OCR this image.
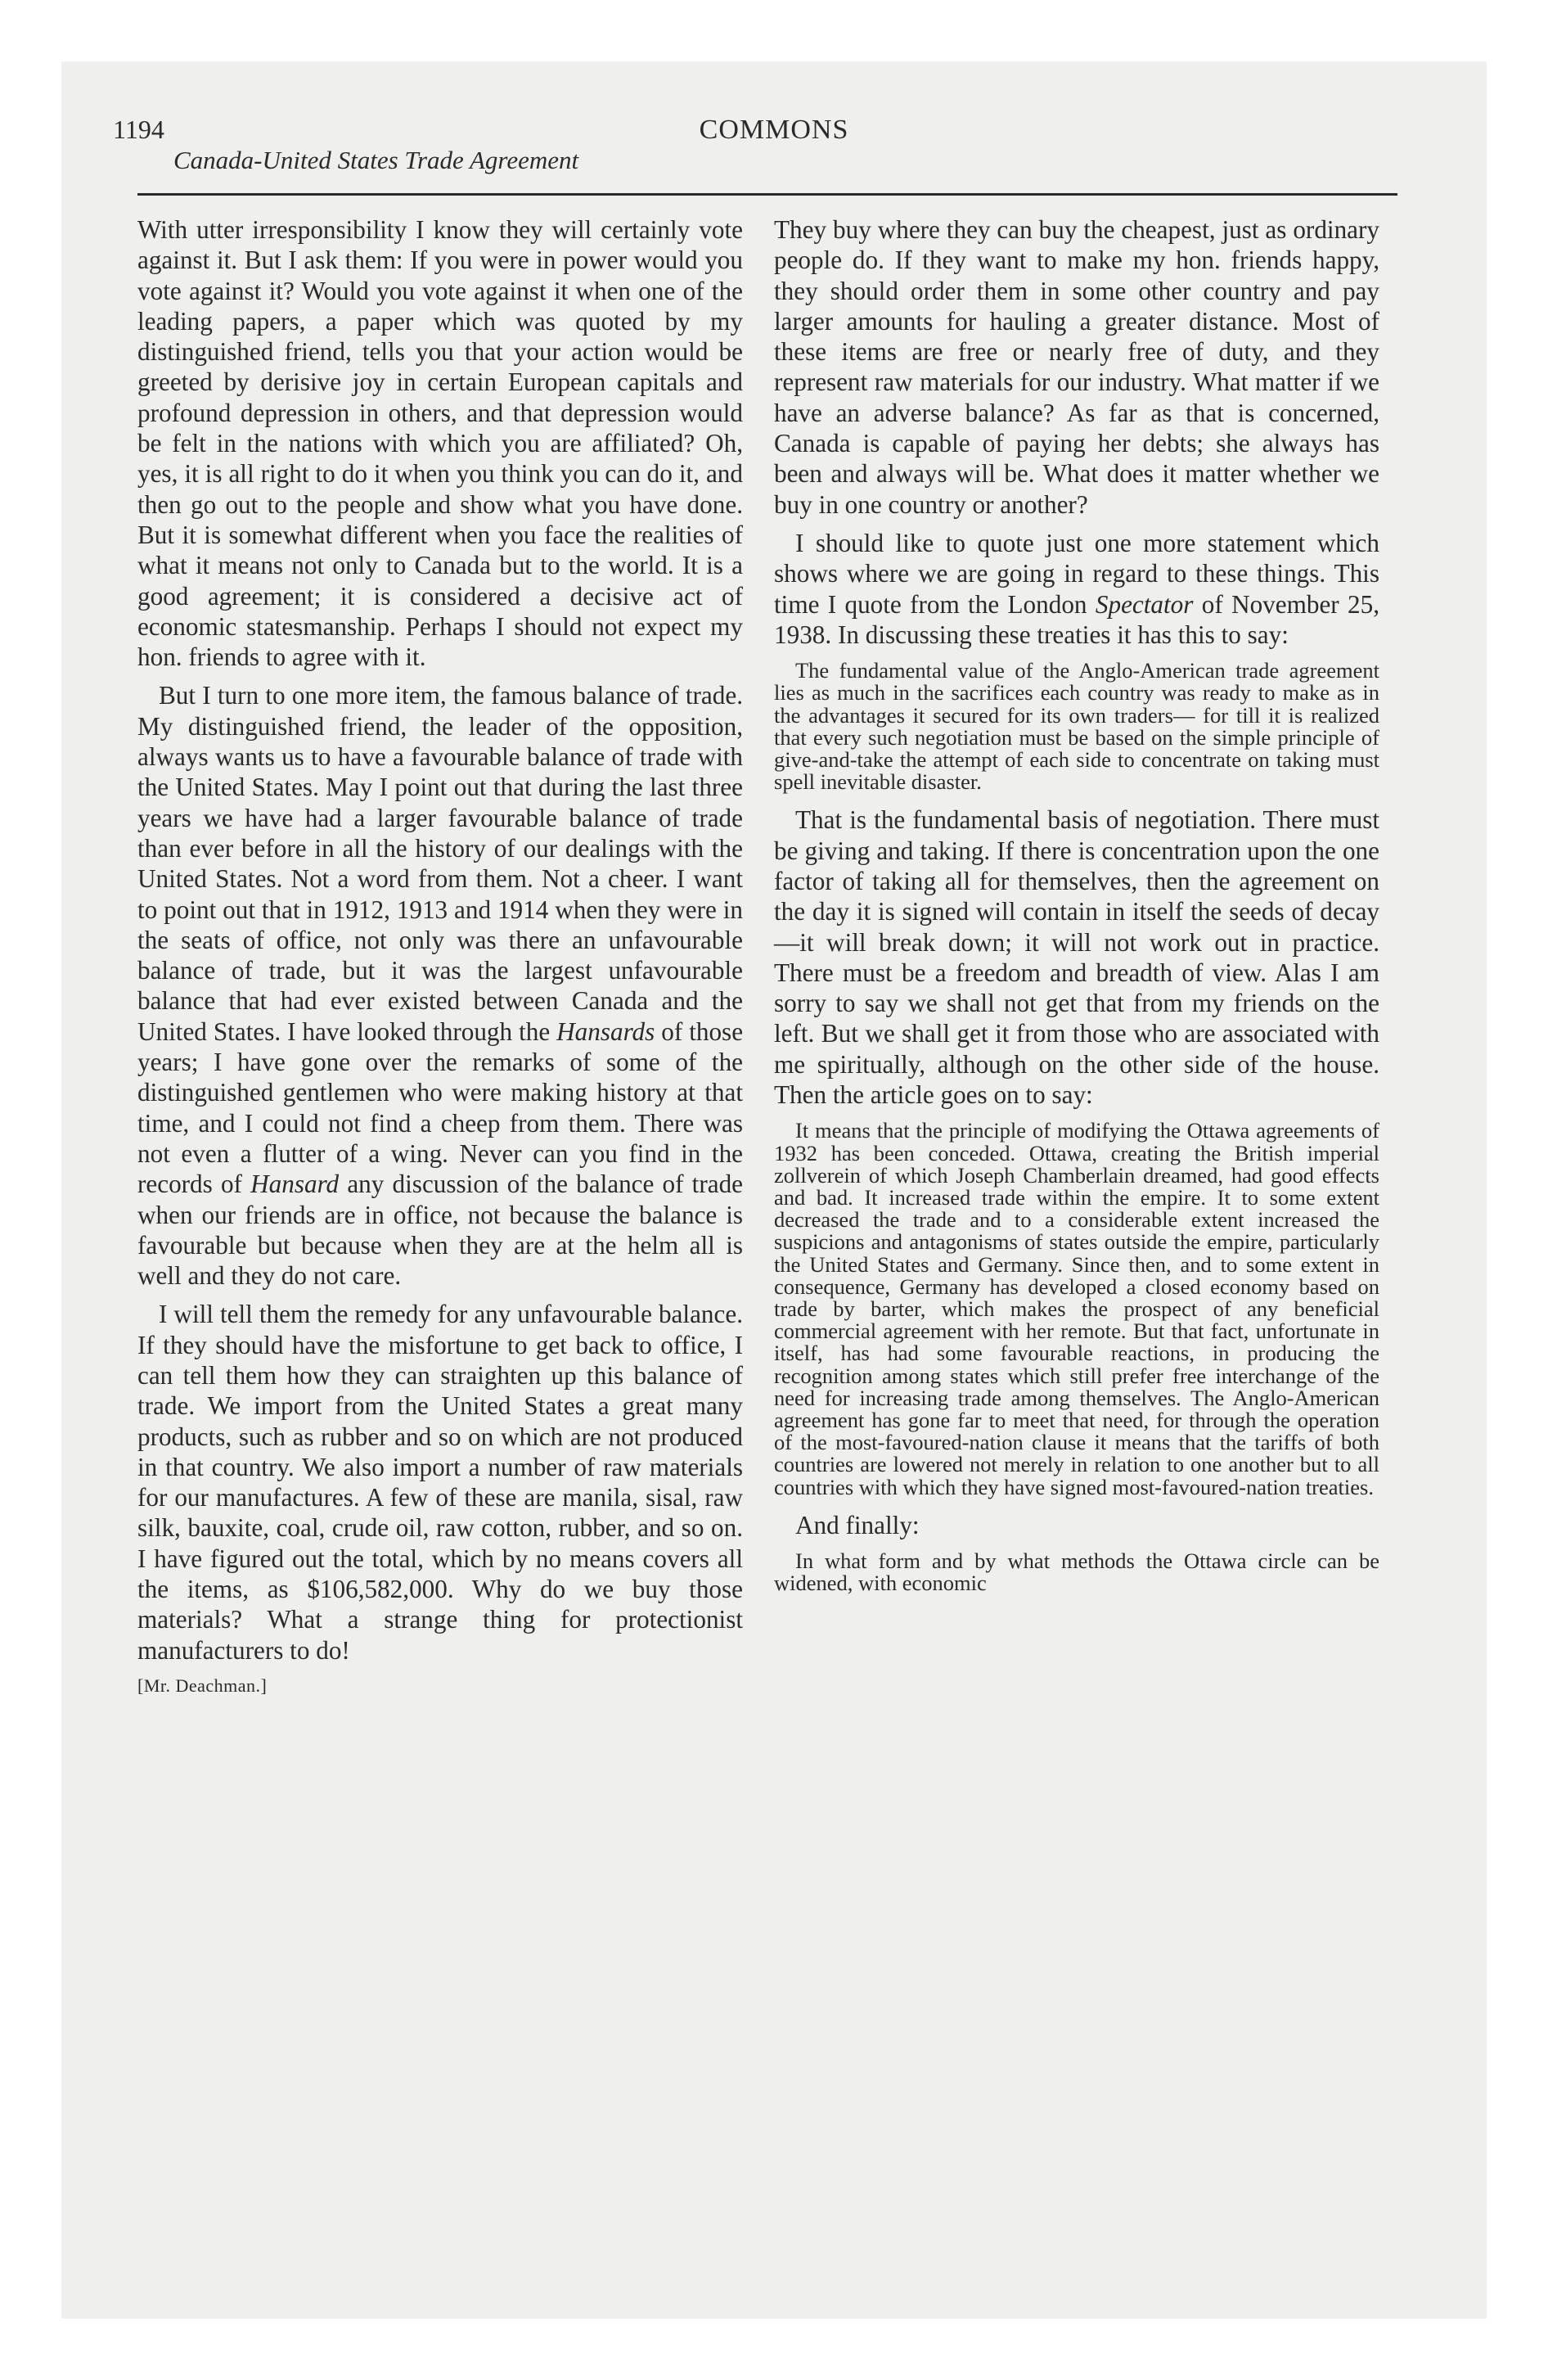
1194	COMMONS
Canada-United States Trade Agreement

With utter irresponsibility I know they will certainly vote against it. But I ask them: If you were in power would you vote against it? Would you vote against it when one of the leading papers, a paper which was quoted by my distinguished friend, tells you that your action would be greeted by derisive joy in certain European capitals and profound depression in others, and that depression would be felt in the nations with which you are affiliated? Oh, yes, it is all right to do it when you think you can do it, and then go out to the people and show what you have done. But it is somewhat different when you face the realities of what it means not only to Canada but to the world. It is a good agreement; it is considered a decisive act of economic statesmanship. Perhaps I should not expect my hon. friends to agree with it.

But I turn to one more item, the famous balance of trade. My distinguished friend, the leader of the opposition, always wants us to have a favourable balance of trade with the United States. May I point out that during the last three years we have had a larger favourable balance of trade than ever before in all the history of our dealings with the United States. Not a word from them. Not a cheer. I want to point out that in 1912, 1913 and 1914 when they were in the seats of office, not only was there an unfavourable balance of trade, but it was the largest unfavourable balance that had ever existed between Canada and the United States. I have looked through the Hansards of those years; I have gone over the remarks of some of the distinguished gentlemen who were making history at that time, and I could not find a cheep from them. There was not even a flutter of a wing. Never can you find in the records of Hansard any discussion of the balance of trade when our friends are in office, not because the balance is favourable but because when they are at the helm all is well and they do not care.

I will tell them the remedy for any unfavourable balance. If they should have the misfortune to get back to office, I can tell them how they can straighten up this balance of trade. We import from the United States a great many products, such as rubber and so on which are not produced in that country. We also import a number of raw materials for our manufactures. A few of these are manila, sisal, raw silk, bauxite, coal, crude oil, raw cotton, rubber, and so on. I have figured out the total, which by no means covers all the items, as $106,582,000. Why do we buy those materials? What a strange thing for protectionist manufacturers to do!

[Mr. Deachman.]

They buy where they can buy the cheapest, just as ordinary people do. If they want to make my hon. friends happy, they should order them in some other country and pay larger amounts for hauling a greater distance. Most of these items are free or nearly free of duty, and they represent raw materials for our industry. What matter if we have an adverse balance? As far as that is concerned, Canada is capable of paying her debts; she always has been and always will be. What does it matter whether we buy in one country or another?

I should like to quote just one more statement which shows where we are going in regard to these things. This time I quote from the London Spectator of November 25, 1938. In discussing these treaties it has this to say:

The fundamental value of the Anglo-American trade agreement lies as much in the sacrifices each country was ready to make as in the advantages it secured for its own traders— for till it is realized that every such negotiation must be based on the simple principle of give-and-take the attempt of each side to concentrate on taking must spell inevitable disaster.

That is the fundamental basis of negotiation. There must be giving and taking. If there is concentration upon the one factor of taking all for themselves, then the agreement on the day it is signed will contain in itself the seeds of decay—it will break down; it will not work out in practice. There must be a freedom and breadth of view. Alas I am sorry to say we shall not get that from my friends on the left. But we shall get it from those who are associated with me spiritually, although on the other side of the house. Then the article goes on to say:

It means that the principle of modifying the Ottawa agreements of 1932 has been conceded. Ottawa, creating the British imperial zollverein of which Joseph Chamberlain dreamed, had good effects and bad. It increased trade within the empire. It to some extent decreased the trade and to a considerable extent increased the suspicions and antagonisms of states outside the empire, particularly the United States and Germany. Since then, and to some extent in consequence, Germany has developed a closed economy based on trade by barter, which makes the prospect of any beneficial commercial agreement with her remote. But that fact, unfortunate in itself, has had some favourable reactions, in producing the recognition among states which still prefer free interchange of the need for increasing trade among themselves. The Anglo-American agreement has gone far to meet that need, for through the operation of the most-favoured-nation clause it means that the tariffs of both countries are lowered not merely in relation to one another but to all countries with which they have signed most-favoured-nation treaties.

And finally:

In what form and by what methods the Ottawa circle can be widened, with economic
